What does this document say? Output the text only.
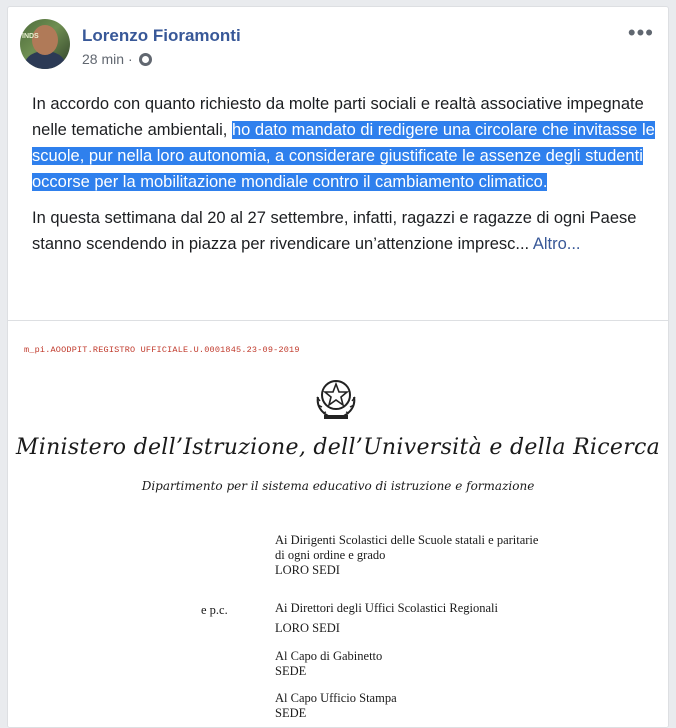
INDS	Lorenzo Fioramonti
28 min ·
•••
In accordo con quanto richiesto da molte parti sociali e realtà associative impegnate nelle tematiche ambientali, ho dato mandato di redigere una circolare che invitasse le scuole, pur nella loro autonomia, a considerare giustificate le assenze degli studenti occorse per la mobilitazione mondiale contro il cambiamento climatico.
In questa settimana dal 20 al 27 settembre, infatti, ragazzi e ragazze di ogni Paese stanno scendendo in piazza per rivendicare un’attenzione impresc... Altro...
m_pi.AOODPIT.REGISTRO UFFICIALE.U.0001845.23-09-2019
Ministero dell’Istruzione, dell’Università e della Ricerca
Dipartimento per il sistema educativo di istruzione e formazione
Ai Dirigenti Scolastici delle Scuole statali e paritarie
di ogni ordine e grado
LORO SEDI
e p.c.	Ai Direttori degli Uffici Scolastici Regionali
LORO SEDI
Al Capo di Gabinetto
SEDE
Al Capo Ufficio Stampa
SEDE
